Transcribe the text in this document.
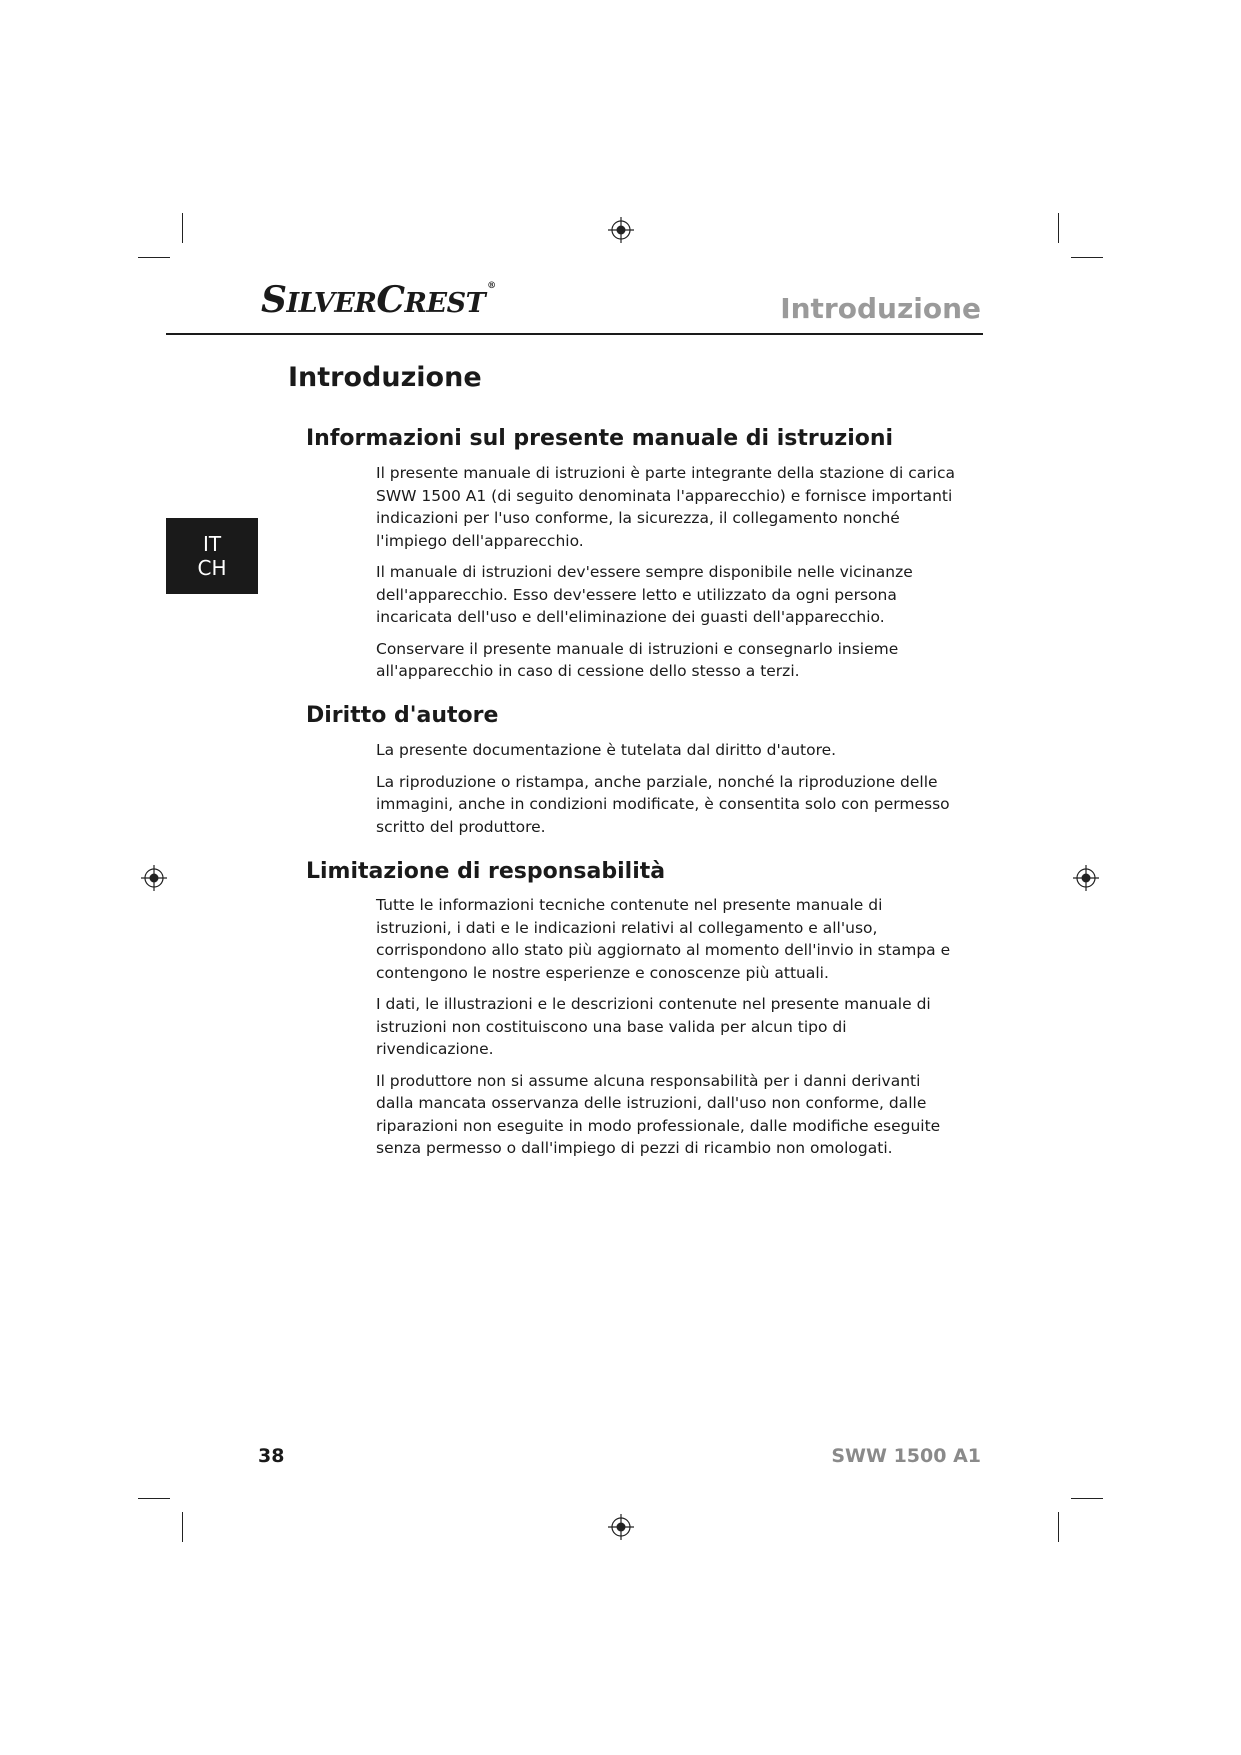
SILVERCREST®
Introduzione
IT
CH
Introduzione
Informazioni sul presente manuale di istruzioni

Il presente manuale di istruzioni è parte integrante della stazione di carica SWW 1500 A1 (di seguito denominata l'apparecchio) e fornisce importanti indicazioni per l'uso conforme, la sicurezza, il collegamento nonché l'impiego dell'apparecchio.

Il manuale di istruzioni dev'essere sempre disponibile nelle vicinanze dell'apparecchio. Esso dev'essere letto e utilizzato da ogni persona incaricata dell'uso e dell'eliminazione dei guasti dell'apparecchio.

Conservare il presente manuale di istruzioni e consegnarlo insieme all'apparecchio in caso di cessione dello stesso a terzi.

Diritto d'autore

La presente documentazione è tutelata dal diritto d'autore.

La riproduzione o ristampa, anche parziale, nonché la riproduzione delle immagini, anche in condizioni modificate, è consentita solo con permesso scritto del produttore.

Limitazione di responsabilità

Tutte le informazioni tecniche contenute nel presente manuale di istruzioni, i dati e le indicazioni relativi al collegamento e all'uso, corrispondono allo stato più aggiornato al momento dell'invio in stampa e contengono le nostre esperienze e conoscenze più attuali.

I dati, le illustrazioni e le descrizioni contenute nel presente manuale di istruzioni non costituiscono una base valida per alcun tipo di rivendicazione.

Il produttore non si assume alcuna responsabilità per i danni derivanti dalla mancata osservanza delle istruzioni, dall'uso non conforme, dalle riparazioni non eseguite in modo professionale, dalle modifiche eseguite senza permesso o dall'impiego di pezzi di ricambio non omologati.

38	SWW 1500 A1
